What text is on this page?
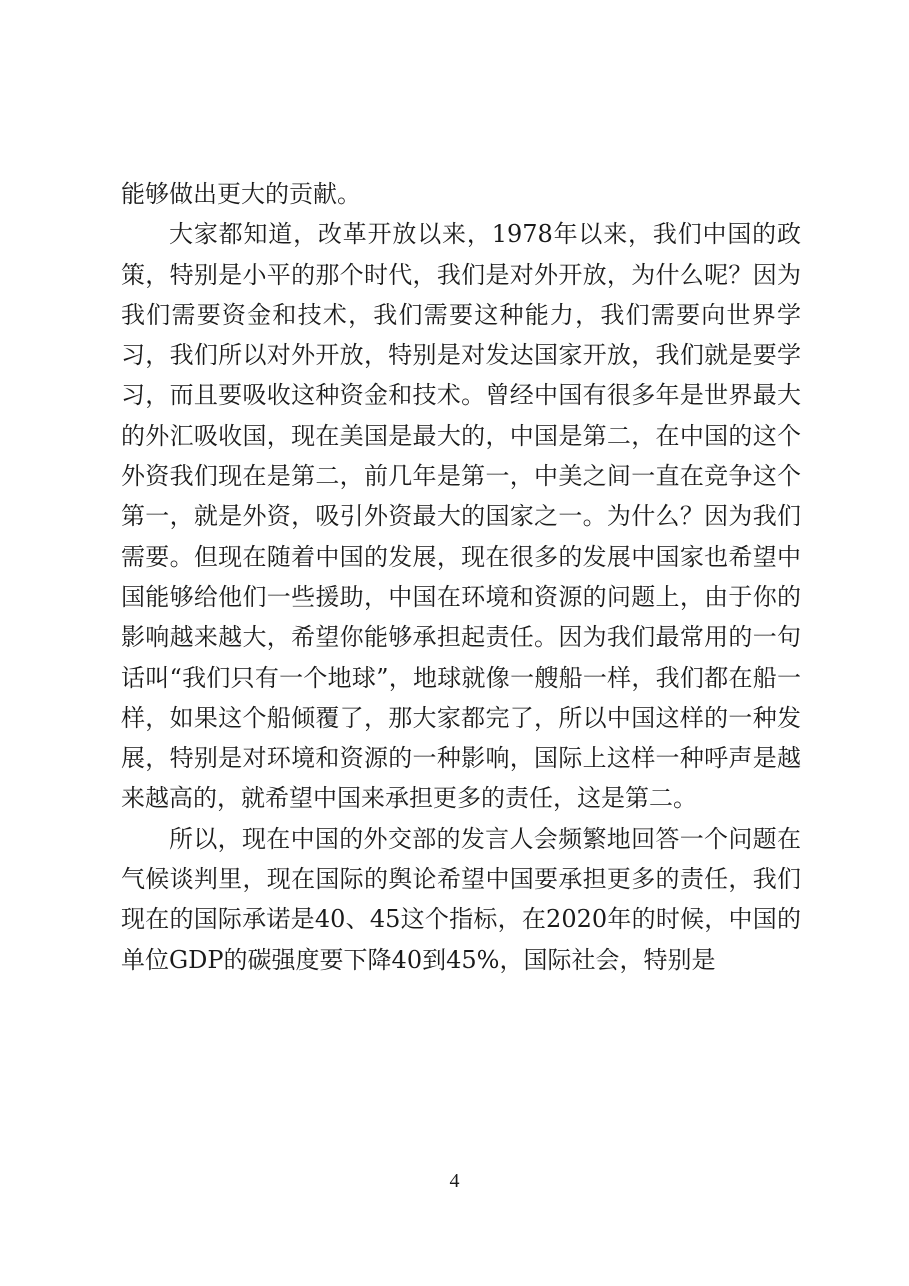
能够做出更大的贡献。

大家都知道，改革开放以来，1978年以来，我们中国的政策，特别是小平的那个时代，我们是对外开放，为什么呢？因为我们需要资金和技术，我们需要这种能力，我们需要向世界学习，我们所以对外开放，特别是对发达国家开放，我们就是要学习，而且要吸收这种资金和技术。曾经中国有很多年是世界最大的外汇吸收国，现在美国是最大的，中国是第二，在中国的这个外资我们现在是第二，前几年是第一，中美之间一直在竞争这个第一，就是外资，吸引外资最大的国家之一。为什么？因为我们需要。但现在随着中国的发展，现在很多的发展中国家也希望中国能够给他们一些援助，中国在环境和资源的问题上，由于你的影响越来越大，希望你能够承担起责任。因为我们最常用的一句话叫“我们只有一个地球”，地球就像一艘船一样，我们都在船一样，如果这个船倾覆了，那大家都完了，所以中国这样的一种发展，特别是对环境和资源的一种影响，国际上这样一种呼声是越来越高的，就希望中国来承担更多的责任，这是第二。

所以，现在中国的外交部的发言人会频繁地回答一个问题在气候谈判里，现在国际的舆论希望中国要承担更多的责任，我们现在的国际承诺是40、45这个指标，在2020年的时候，中国的单位GDP的碳强度要下降40到45%，国际社会，特别是

4
